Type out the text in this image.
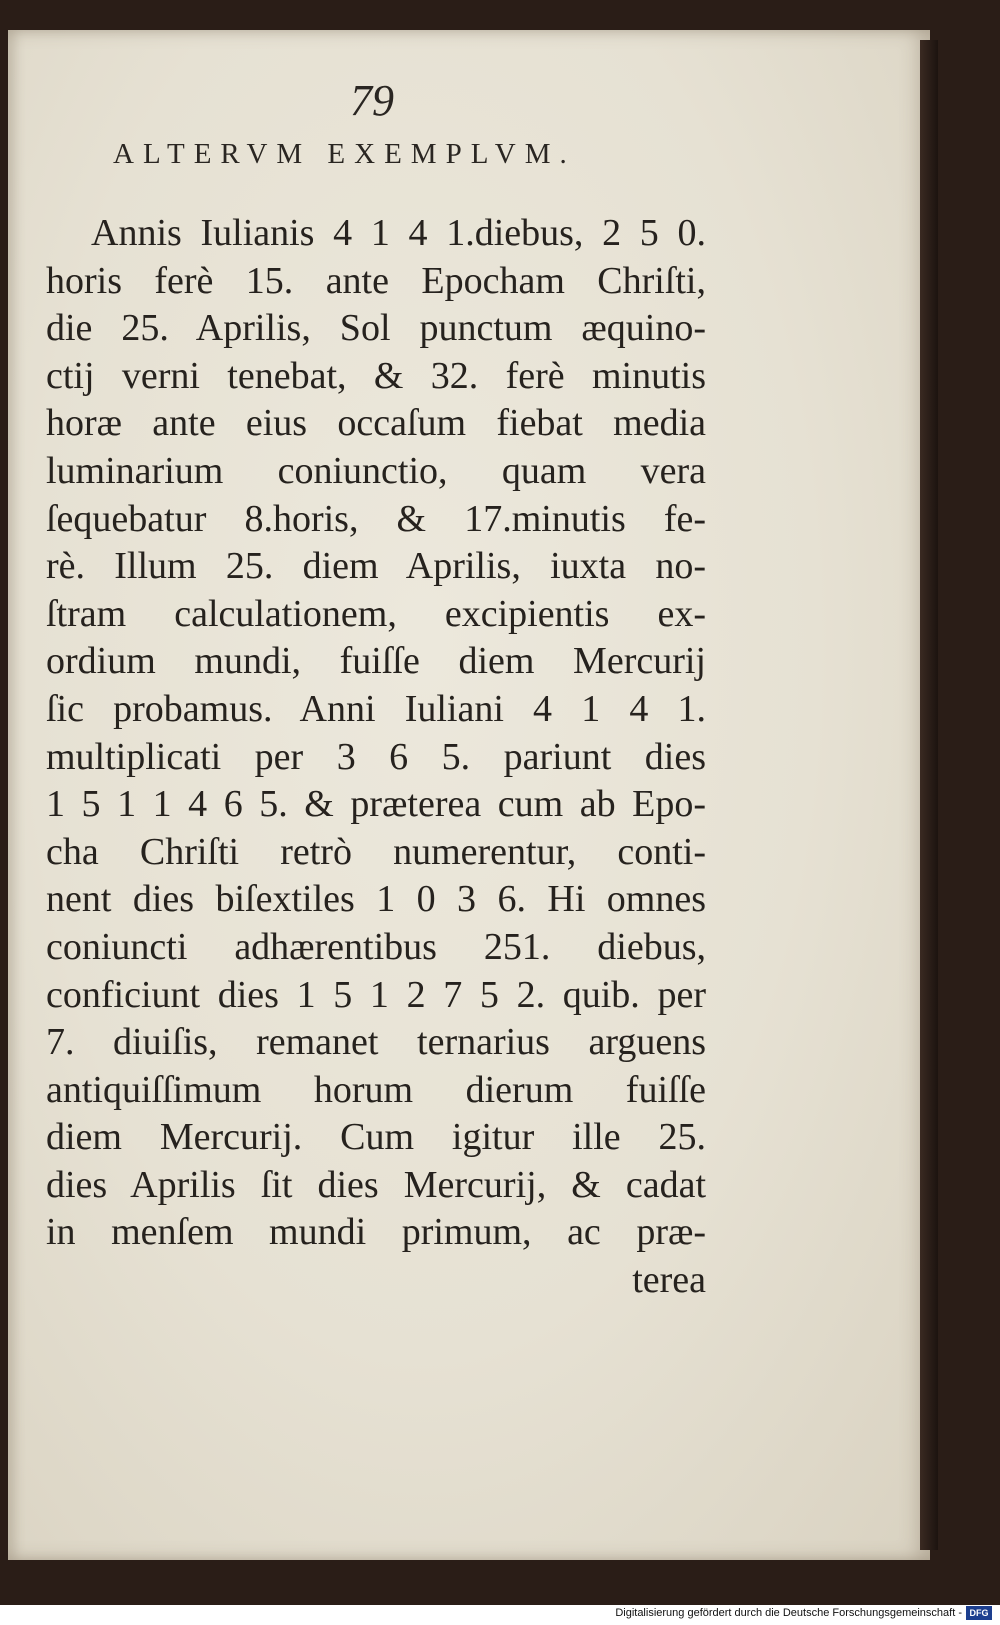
79
ALTERVM EXEMPLVM.
Annis Iulianis 4 1 4 1.diebus, 2 5 0.
horis ferè 15. ante Epocham Chriſti,
die 25. Aprilis, Sol punctum æquino-
ctij verni tenebat, & 32. ferè minutis
horæ ante eius occaſum fiebat media
luminarium coniunctio, quam vera
ſequebatur 8.horis, & 17.minutis fe-
rè. Illum 25. diem Aprilis, iuxta no-
ſtram calculationem, excipientis ex-
ordium mundi, fuiſſe diem Mercurij
ſic probamus. Anni Iuliani 4 1 4 1.
multiplicati per 3 6 5. pariunt dies
1 5 1 1 4 6 5. & præterea cum ab Epo-
cha Chriſti retrò numerentur, conti-
nent dies biſextiles 1 0 3 6. Hi omnes
coniuncti adhærentibus 251. diebus,
conficiunt dies 1 5 1 2 7 5 2. quib. per
7. diuiſis, remanet ternarius arguens
antiquiſſimum horum dierum fuiſſe
diem Mercurij. Cum igitur ille 25.
dies Aprilis ſit dies Mercurij, & cadat
in menſem mundi primum, ac præ-
terea
Digitalisierung gefördert durch die Deutsche Forschungsgemeinschaft - DFG
